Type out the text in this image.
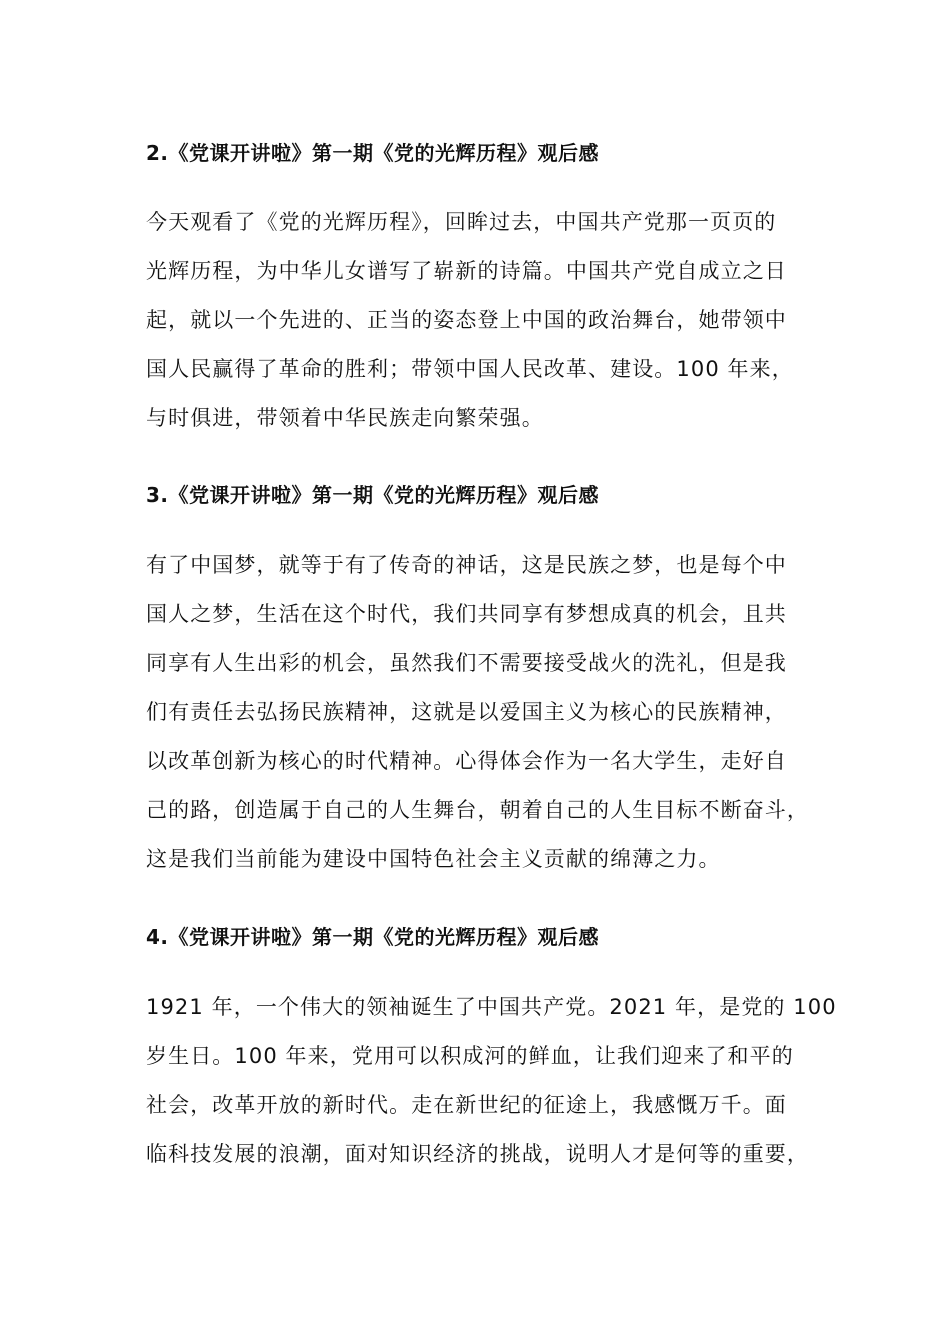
2.《党课开讲啦》第一期《党的光辉历程》观后感
今天观看了《党的光辉历程》，回眸过去，中国共产党那一页页的
光辉历程，为中华儿女谱写了崭新的诗篇。中国共产党自成立之日
起，就以一个先进的、正当的姿态登上中国的政治舞台，她带领中
国人民赢得了革命的胜利；带领中国人民改革、建设。100 年来，
与时俱进，带领着中华民族走向繁荣强。
3.《党课开讲啦》第一期《党的光辉历程》观后感
有了中国梦，就等于有了传奇的神话，这是民族之梦，也是每个中
国人之梦，生活在这个时代，我们共同享有梦想成真的机会，且共
同享有人生出彩的机会，虽然我们不需要接受战火的洗礼，但是我
们有责任去弘扬民族精神，这就是以爱国主义为核心的民族精神，
以改革创新为核心的时代精神。心得体会作为一名大学生，走好自
己的路，创造属于自己的人生舞台，朝着自己的人生目标不断奋斗，
这是我们当前能为建设中国特色社会主义贡献的绵薄之力。
4.《党课开讲啦》第一期《党的光辉历程》观后感
1921 年，一个伟大的领袖诞生了中国共产党。2021 年，是党的 100
岁生日。100 年来，党用可以积成河的鲜血，让我们迎来了和平的
社会，改革开放的新时代。走在新世纪的征途上，我感慨万千。面
临科技发展的浪潮，面对知识经济的挑战，说明人才是何等的重要，
